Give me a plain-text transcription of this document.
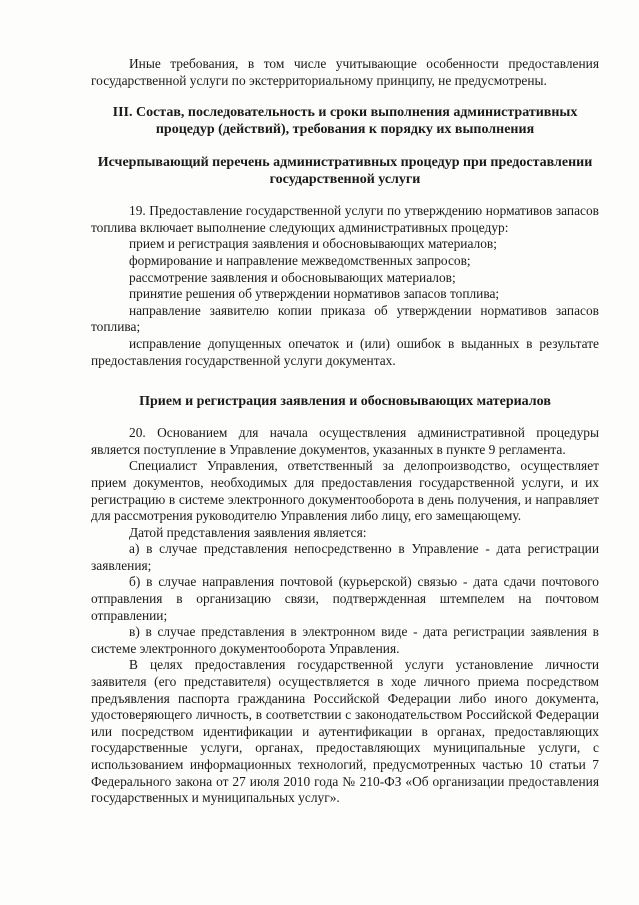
Иные требования, в том числе учитывающие особенности предоставления государственной услуги по экстерриториальному принципу, не предусмотрены.

III. Состав, последовательность и сроки выполнения административных процедур (действий), требования к порядку их выполнения

Исчерпывающий перечень административных процедур при предоставлении государственной услуги

19. Предоставление государственной услуги по утверждению нормативов запасов топлива включает выполнение следующих административных процедур:

прием и регистрация заявления и обосновывающих материалов;

формирование и направление межведомственных запросов;

рассмотрение заявления и обосновывающих материалов;

принятие решения об утверждении нормативов запасов топлива;

направление заявителю копии приказа об утверждении нормативов запасов топлива;

исправление допущенных опечаток и (или) ошибок в выданных в результате предоставления государственной услуги документах.

Прием и регистрация заявления и обосновывающих материалов

20. Основанием для начала осуществления административной процедуры является поступление в Управление документов, указанных в пункте 9 регламента.

Специалист Управления, ответственный за делопроизводство, осуществляет прием документов, необходимых для предоставления государственной услуги, и их регистрацию в системе электронного документооборота в день получения, и направляет для рассмотрения руководителю Управления либо лицу, его замещающему.

Датой представления заявления является:

а) в случае представления непосредственно в Управление - дата регистрации заявления;

б) в случае направления почтовой (курьерской) связью - дата сдачи почтового отправления в организацию связи, подтвержденная штемпелем на почтовом отправлении;

в) в случае представления в электронном виде - дата регистрации заявления в системе электронного документооборота Управления.

В целях предоставления государственной услуги установление личности заявителя (его представителя) осуществляется в ходе личного приема посредством предъявления паспорта гражданина Российской Федерации либо иного документа, удостоверяющего личность, в соответствии с законодательством Российской Федерации или посредством идентификации и аутентификации в органах, предоставляющих государственные услуги, органах, предоставляющих муниципальные услуги, с использованием информационных технологий, предусмотренных частью 10 статьи 7 Федерального закона от 27 июля 2010 года № 210-ФЗ «Об организации предоставления государственных и муниципальных услуг».
